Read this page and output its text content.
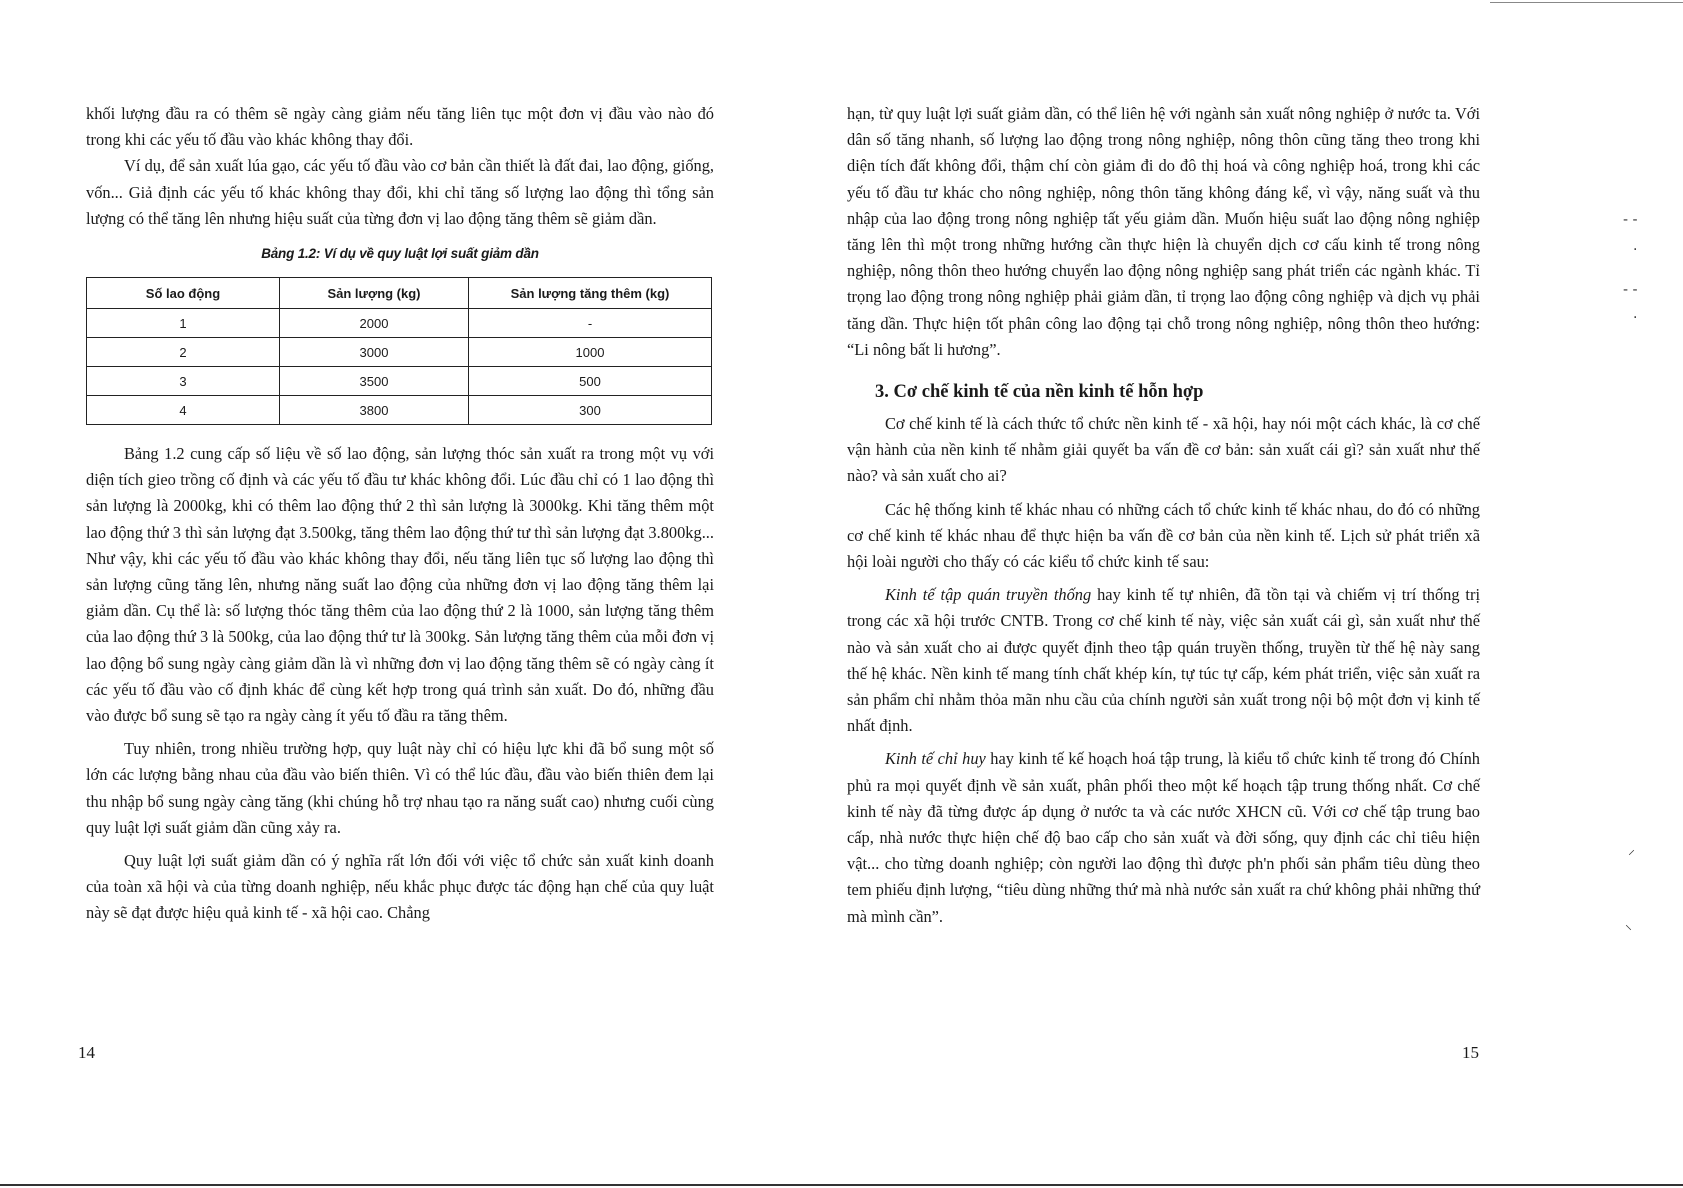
khối lượng đầu ra có thêm sẽ ngày càng giảm nếu tăng liên tục một đơn vị đầu vào nào đó trong khi các yếu tố đầu vào khác không thay đổi.

Ví dụ, để sản xuất lúa gạo, các yếu tố đầu vào cơ bản cần thiết là đất đai, lao động, giống, vốn... Giả định các yếu tố khác không thay đổi, khi chỉ tăng số lượng lao động thì tổng sản lượng có thể tăng lên nhưng hiệu suất của từng đơn vị lao động tăng thêm sẽ giảm dần.

Bảng 1.2: Ví dụ về quy luật lợi suất giảm dần
Số lao động	Sản lượng (kg)	Sản lượng tăng thêm (kg)
1	2000	-
2	3000	1000
3	3500	500
4	3800	300

Bảng 1.2 cung cấp số liệu về số lao động, sản lượng thóc sản xuất ra trong một vụ với diện tích gieo trồng cố định và các yếu tố đầu tư khác không đổi. Lúc đầu chỉ có 1 lao động thì sản lượng là 2000kg, khi có thêm lao động thứ 2 thì sản lượng là 3000kg. Khi tăng thêm một lao động thứ 3 thì sản lượng đạt 3.500kg, tăng thêm lao động thứ tư thì sản lượng đạt 3.800kg... Như vậy, khi các yếu tố đầu vào khác không thay đổi, nếu tăng liên tục số lượng lao động thì sản lượng cũng tăng lên, nhưng năng suất lao động của những đơn vị lao động tăng thêm lại giảm dần. Cụ thể là: số lượng thóc tăng thêm của lao động thứ 2 là 1000, sản lượng tăng thêm của lao động thứ 3 là 500kg, của lao động thứ tư là 300kg. Sản lượng tăng thêm của mỗi đơn vị lao động bổ sung ngày càng giảm dần là vì những đơn vị lao động tăng thêm sẽ có ngày càng ít các yếu tố đầu vào cố định khác để cùng kết hợp trong quá trình sản xuất. Do đó, những đầu vào được bổ sung sẽ tạo ra ngày càng ít yếu tố đầu ra tăng thêm.

Tuy nhiên, trong nhiều trường hợp, quy luật này chỉ có hiệu lực khi đã bổ sung một số lớn các lượng bằng nhau của đầu vào biến thiên. Vì có thể lúc đầu, đầu vào biến thiên đem lại thu nhập bổ sung ngày càng tăng (khi chúng hỗ trợ nhau tạo ra năng suất cao) nhưng cuối cùng quy luật lợi suất giảm dần cũng xảy ra.

Quy luật lợi suất giảm dần có ý nghĩa rất lớn đối với việc tổ chức sản xuất kinh doanh của toàn xã hội và của từng doanh nghiệp, nếu khắc phục được tác động hạn chế của quy luật này sẽ đạt được hiệu quả kinh tế - xã hội cao. Chẳng

14

hạn, từ quy luật lợi suất giảm dần, có thể liên hệ với ngành sản xuất nông nghiệp ở nước ta. Với dân số tăng nhanh, số lượng lao động trong nông nghiệp, nông thôn cũng tăng theo trong khi diện tích đất không đổi, thậm chí còn giảm đi do đô thị hoá và công nghiệp hoá, trong khi các yếu tố đầu tư khác cho nông nghiệp, nông thôn tăng không đáng kể, vì vậy, năng suất và thu nhập của lao động trong nông nghiệp tất yếu giảm dần. Muốn hiệu suất lao động nông nghiệp tăng lên thì một trong những hướng cần thực hiện là chuyển dịch cơ cấu kinh tế trong nông nghiệp, nông thôn theo hướng chuyển lao động nông nghiệp sang phát triển các ngành khác. Tỉ trọng lao động trong nông nghiệp phải giảm dần, tỉ trọng lao động công nghiệp và dịch vụ phải tăng dần. Thực hiện tốt phân công lao động tại chỗ trong nông nghiệp, nông thôn theo hướng: “Li nông bất li hương”.

3. Cơ chế kinh tế của nền kinh tế hỗn hợp

Cơ chế kinh tế là cách thức tổ chức nền kinh tế - xã hội, hay nói một cách khác, là cơ chế vận hành của nền kinh tế nhằm giải quyết ba vấn đề cơ bản: sản xuất cái gì? sản xuất như thế nào? và sản xuất cho ai?

Các hệ thống kinh tế khác nhau có những cách tổ chức kinh tế khác nhau, do đó có những cơ chế kinh tế khác nhau để thực hiện ba vấn đề cơ bản của nền kinh tế. Lịch sử phát triển xã hội loài người cho thấy có các kiểu tổ chức kinh tế sau:

Kinh tế tập quán truyền thống hay kinh tế tự nhiên, đã tồn tại và chiếm vị trí thống trị trong các xã hội trước CNTB. Trong cơ chế kinh tế này, việc sản xuất cái gì, sản xuất như thế nào và sản xuất cho ai được quyết định theo tập quán truyền thống, truyền từ thế hệ này sang thế hệ khác. Nền kinh tế mang tính chất khép kín, tự túc tự cấp, kém phát triển, việc sản xuất ra sản phẩm chỉ nhằm thỏa mãn nhu cầu của chính người sản xuất trong nội bộ một đơn vị kinh tế nhất định.

Kinh tế chỉ huy hay kinh tế kế hoạch hoá tập trung, là kiểu tổ chức kinh tế trong đó Chính phủ ra mọi quyết định về sản xuất, phân phối theo một kế hoạch tập trung thống nhất. Cơ chế kinh tế này đã từng được áp dụng ở nước ta và các nước XHCN cũ. Với cơ chế tập trung bao cấp, nhà nước thực hiện chế độ bao cấp cho sản xuất và đời sống, quy định các chỉ tiêu hiện vật... cho từng doanh nghiệp; còn người lao động thì được ph'n phối sản phẩm tiêu dùng theo tem phiếu định lượng, “tiêu dùng những thứ mà nhà nước sản xuất ra chứ không phải những thứ mà mình cần”.

15
- -
·
- -
·
⸝
⸜
